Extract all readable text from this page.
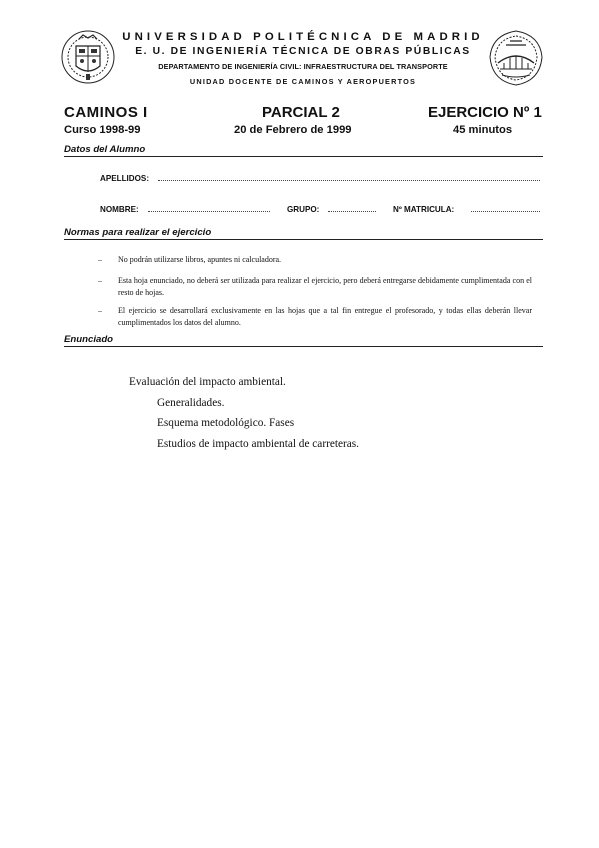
UNIVERSIDAD POLITÉCNICA DE MADRID
E. U. DE INGENIERÍA TÉCNICA DE OBRAS PÚBLICAS
DEPARTAMENTO DE INGENIERÍA CIVIL: INFRAESTRUCTURA DEL TRANSPORTE
UNIDAD DOCENTE DE CAMINOS Y AEROPUERTOS
CAMINOS I	PARCIAL 2	EJERCICIO Nº 1
Curso 1998-99	20 de Febrero de 1999	45 minutos
Datos del Alumno
APELLIDOS:
NOMBRE:	GRUPO:	Nº MATRICULA:
Normas para realizar el ejercicio
– No podrán utilizarse libros, apuntes ni calculadora.
– Esta hoja enunciado, no deberá ser utilizada para realizar el ejercicio, pero deberá entregarse debidamente cumplimentada con el resto de hojas.
– El ejercicio se desarrollará exclusivamente en las hojas que a tal fin entregue el profesorado, y todas ellas deberán llevar cumplimentados los datos del alumno.
Enunciado
Evaluación del impacto ambiental.
Generalidades.
Esquema metodológico. Fases
Estudios de impacto ambiental de carreteras.
